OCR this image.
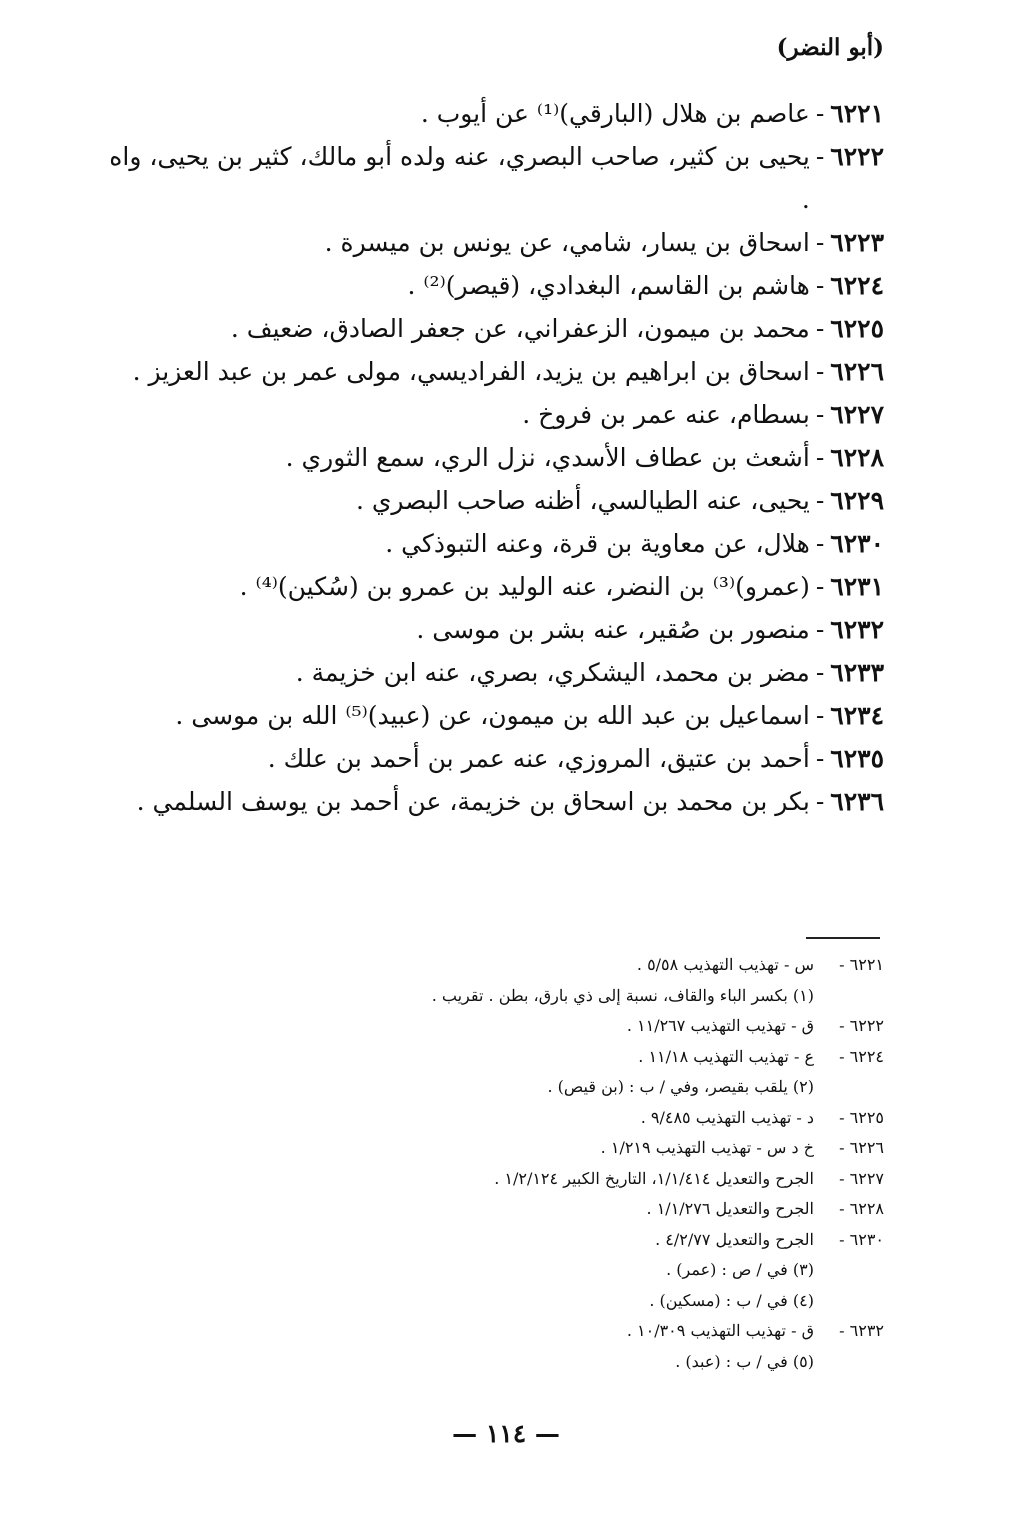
(أبو النضر)
٦٢٢١
-
عاصم بن هلال (البارقي)⁽¹⁾ عن أيوب .
٦٢٢٢
-
يحيى بن كثير، صاحب البصري، عنه ولده أبو مالك، كثير بن يحيى، واه .
٦٢٢٣
-
اسحاق بن يسار، شامي، عن يونس بن ميسرة .
٦٢٢٤
-
هاشم بن القاسم، البغدادي، (قيصر)⁽²⁾ .
٦٢٢٥
-
محمد بن ميمون، الزعفراني، عن جعفر الصادق، ضعيف .
٦٢٢٦
-
اسحاق بن ابراهيم بن يزيد، الفراديسي، مولى عمر بن عبد العزيز .
٦٢٢٧
-
بسطام، عنه عمر بن فروخ .
٦٢٢٨
-
أشعث بن عطاف الأسدي، نزل الري، سمع الثوري .
٦٢٢٩
-
يحيى، عنه الطيالسي، أظنه صاحب البصري .
٦٢٣٠
-
هلال، عن معاوية بن قرة، وعنه التبوذكي .
٦٢٣١
-
(عمرو)⁽³⁾ بن النضر، عنه الوليد بن عمرو بن (سُكين)⁽⁴⁾ .
٦٢٣٢
-
منصور بن صُقير، عنه بشر بن موسى .
٦٢٣٣
-
مضر بن محمد، اليشكري، بصري، عنه ابن خزيمة .
٦٢٣٤
-
اسماعيل بن عبد الله بن ميمون، عن (عبيد)⁽⁵⁾ الله بن موسى .
٦٢٣٥
-
أحمد بن عتيق، المروزي، عنه عمر بن أحمد بن علك .
٦٢٣٦
-
بكر بن محمد بن اسحاق بن خزيمة، عن أحمد بن يوسف السلمي .
٦٢٢١ -
س - تهذيب التهذيب ٥/٥٨ .
(١) بكسر الباء والقاف، نسبة إلى ذي بارق، بطن . تقريب .
٦٢٢٢ -
ق - تهذيب التهذيب ١١/٢٦٧ .
٦٢٢٤ -
ع - تهذيب التهذيب ١١/١٨ .
(٢) يلقب بقيصر، وفي / ب : (بن قيص) .
٦٢٢٥ -
د - تهذيب التهذيب ٩/٤٨٥ .
٦٢٢٦ -
خ د س - تهذيب التهذيب ١/٢١٩ .
٦٢٢٧ -
الجرح والتعديل ١/١/٤١٤، التاريخ الكبير ١/٢/١٢٤ .
٦٢٢٨ -
الجرح والتعديل ١/١/٢٧٦ .
٦٢٣٠ -
الجرح والتعديل ٤/٢/٧٧ .
(٣) في / ص : (عمر) .
(٤) في / ب : (مسكين) .
٦٢٣٢ -
ق - تهذيب التهذيب ١٠/٣٠٩ .
(٥) في / ب : (عبد) .
— ١١٤ —
